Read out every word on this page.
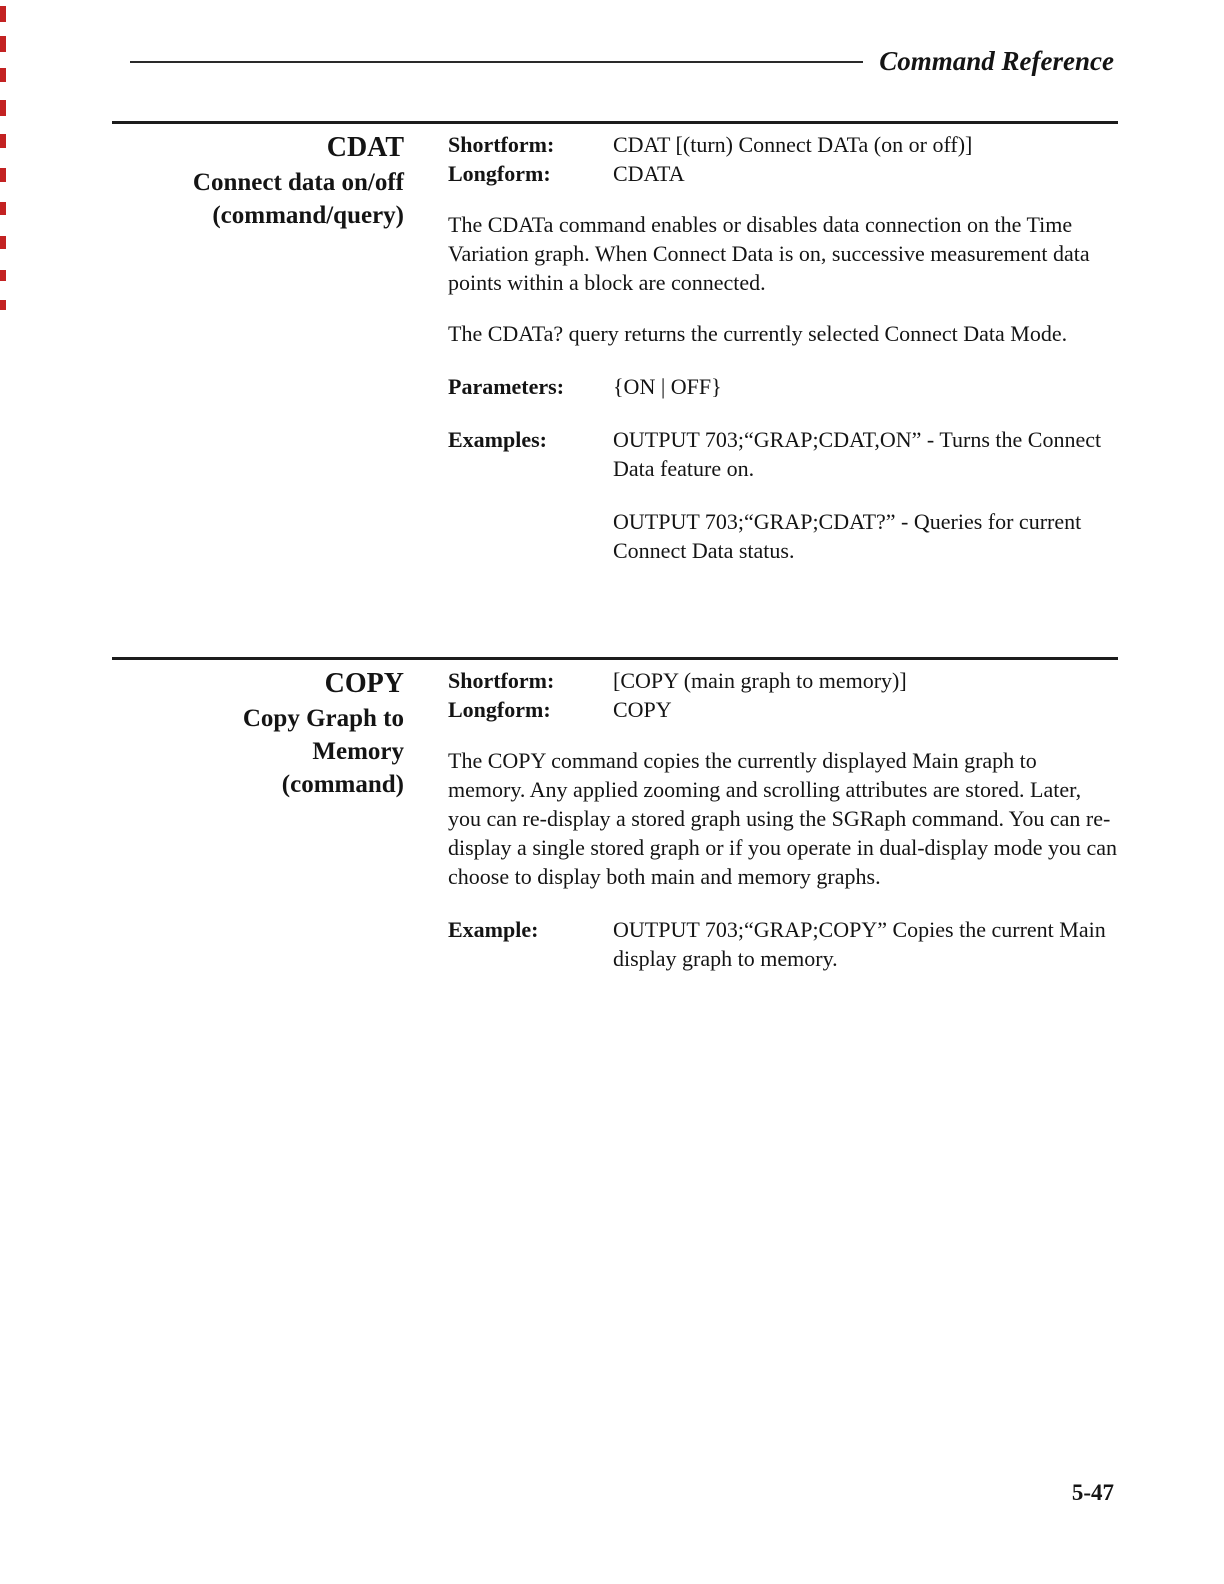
Command Reference
CDAT
Connect data on/off
(command/query)
Shortform:	CDAT [(turn) Connect DATa (on or off)]
Longform:	CDATA

The CDATa command enables or disables data connection on the Time Variation graph. When Connect Data is on, successive measurement data points within a block are connected.

The CDATa? query returns the currently selected Connect Data Mode.

Parameters:	{ON | OFF}
Examples:	OUTPUT 703;“GRAP;CDAT,ON” - Turns the Connect Data feature on.
OUTPUT 703;“GRAP;CDAT?” - Queries for current Connect Data status.
COPY
Copy Graph to
Memory
(command)
Shortform:	[COPY (main graph to memory)]
Longform:	COPY

The COPY command copies the currently displayed Main graph to memory. Any applied zooming and scrolling attributes are stored. Later, you can re-display a stored graph using the SGRaph command. You can re-display a single stored graph or if you operate in dual-display mode you can choose to display both main and memory graphs.

Example:	OUTPUT 703;“GRAP;COPY” Copies the current Main display graph to memory.
5-47
